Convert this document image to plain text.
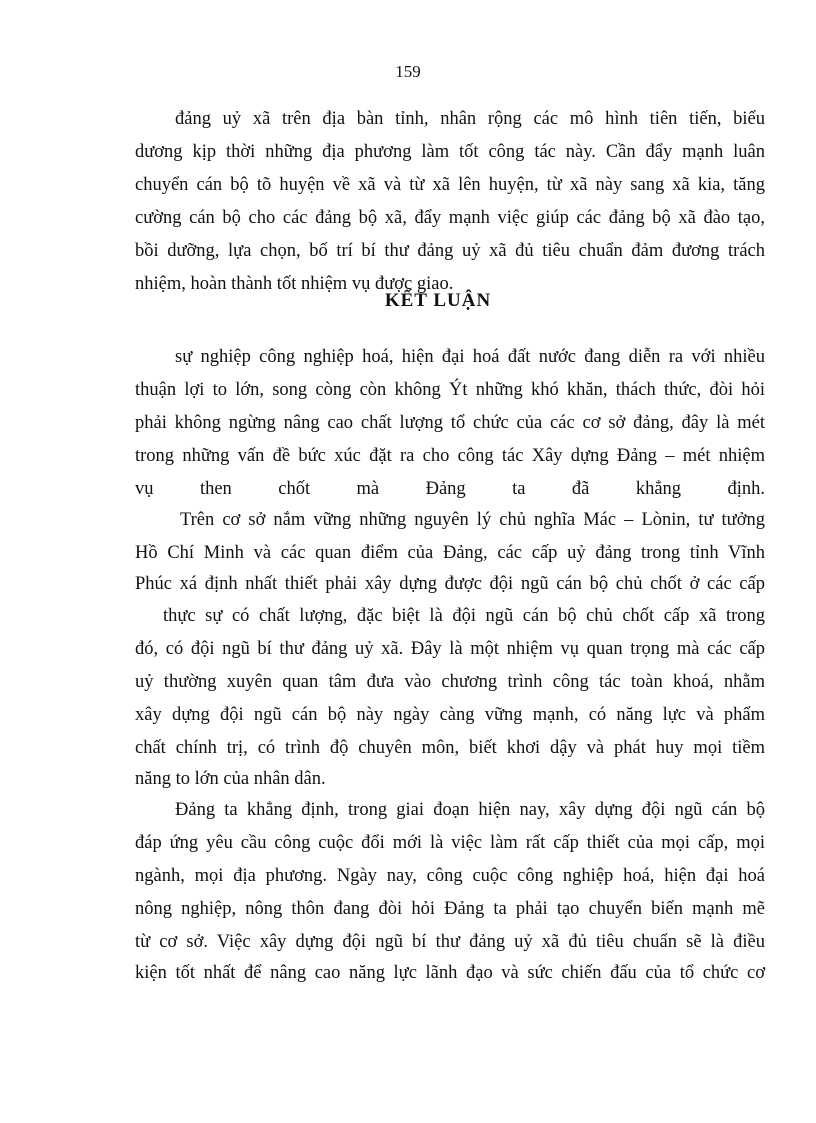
159
đảng uỷ xã trên địa bàn tỉnh, nhân rộng các mô hình tiên tiến, biểu
dương kịp thời những địa phương làm tốt công tác này. Cần đẩy mạnh luân
chuyển cán bộ tõ huyện về xã và từ xã lên huyện, từ xã này sang xã kia, tăng
cường cán bộ cho các đảng bộ xã, đẩy mạnh việc giúp các đảng bộ xã đào tạo,
bồi dưỡng, lựa chọn, bố trí bí thư đảng uỷ xã đủ tiêu chuẩn đảm đương trách
nhiệm, hoàn thành tốt nhiệm vụ được giao.
KẾT LUẬN
sự nghiệp công nghiệp hoá, hiện đại hoá đất nước đang diễn ra với nhiều
thuận lợi to lớn, song còng còn không Ýt những khó khăn, thách thức, đòi hỏi
phải không ngừng nâng cao chất lượng tổ chức của các cơ sở đảng, đây là mét
trong những vấn đề bức xúc đặt ra cho công tác Xây dựng Đảng – mét nhiệm
vụ then chốt mà Đảng ta đã khẳng định.
Trên cơ sở nắm vững những nguyên lý chủ nghĩa Mác – Lònin, tư tưởng
Hồ Chí Minh và các quan điểm của Đảng, các cấp uỷ đảng trong tỉnh Vĩnh
Phúc xá định nhất thiết phải xây dựng được đội ngũ cán bộ chủ chốt ở các cấp
thực sự có chất lượng, đặc biệt là đội ngũ cán bộ chủ chốt cấp xã trong
đó, có đội ngũ bí thư đảng uỷ xã. Đây là một nhiệm vụ quan trọng mà các cấp
uỷ thường xuyên quan tâm đưa vào chương trình công tác toàn khoá, nhằm
xây dựng đội ngũ cán bộ này ngày càng vững mạnh, có năng lực và phẩm
chất chính trị, có trình độ chuyên môn, biết khơi dậy và phát huy mọi tiềm
năng to lớn của nhân dân.
Đảng ta khẳng định, trong giai đoạn hiện nay, xây dựng đội ngũ cán bộ
đáp ứng yêu cầu công cuộc đổi mới là việc làm rất cấp thiết của mọi cấp, mọi
ngành, mọi địa phương. Ngày nay, công cuộc công nghiệp hoá, hiện đại hoá
nông nghiệp, nông thôn đang đòi hỏi Đảng ta phải tạo chuyển biến mạnh mẽ
từ cơ sở. Việc xây dựng đội ngũ bí thư đảng uỷ xã đủ tiêu chuẩn sẽ là điều
kiện tốt nhất để nâng cao năng lực lãnh đạo và sức chiến đấu của tổ chức cơ
